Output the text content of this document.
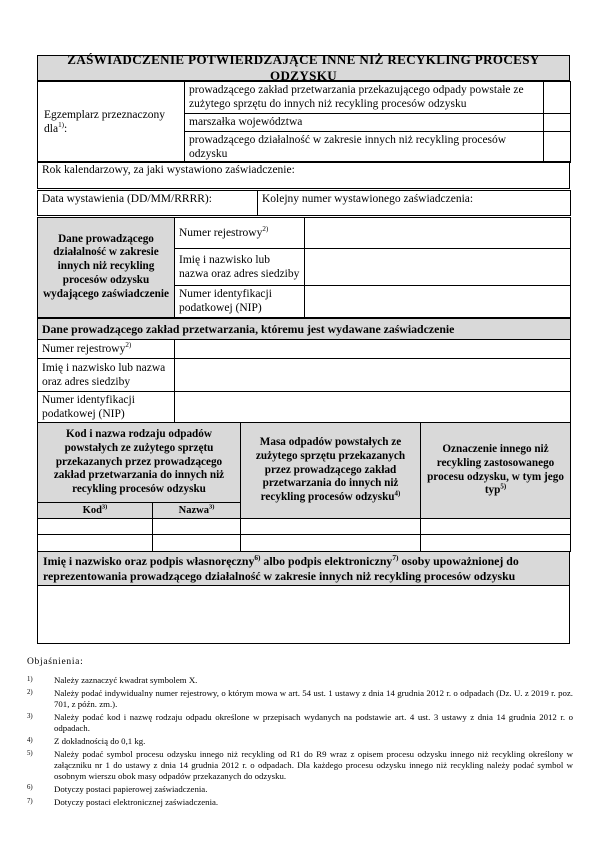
ZAŚWIADCZENIE POTWIERDZAJĄCE INNE NIŻ RECYKLING PROCESY ODZYSKU
Egzemplarz przeznaczony dla$^{1)}$:	prowadzącego zakład przetwarzania przekazującego odpady powstałe ze zużytego sprzętu do innych niż recykling procesów odzysku	
	marszałka województwa	
	prowadzącego działalność w zakresie innych niż recykling procesów odzysku	
Rok kalendarzowy, za jaki wystawiono zaświadczenie:
Data wystawienia (DD/MM/RRRR):	Kolejny numer wystawionego zaświadczenia:
Dane prowadzącego działalność w zakresie innych niż recykling procesów odzysku wydającego zaświadczenie	Numer rejestrowy$^{2)}$	
	Imię i nazwisko lub nazwa oraz adres siedziby	
	Numer identyfikacji podatkowej (NIP)	
Dane prowadzącego zakład przetwarzania, któremu jest wydawane zaświadczenie	
Numer rejestrowy$^{2)}$	
Imię i nazwisko lub nazwa oraz adres siedziby	
Numer identyfikacji podatkowej (NIP)	
Kod i nazwa rodzaju odpadów powstałych ze zużytego sprzętu przekazanych przez prowadzącego zakład przetwarzania do innych niż recykling procesów odzysku		Masa odpadów powstałych ze zużytego sprzętu przekazanych przez prowadzącego zakład przetwarzania do innych niż recykling procesów odzysku$^{4)}$	Oznaczenie innego niż recykling zastosowanego procesu odzysku, w tym jego typ$^{5)}$
Kod$^{3)}$	Nazwa$^{3)}$

Imię i nazwisko oraz podpis własnoręczny$^{6)}$ albo podpis elektroniczny$^{7)}$ osoby upoważnionej do reprezentowania prowadzącego działalność w zakresie innych niż recykling procesów odzysku

Objaśnienia:
1)	Należy zaznaczyć kwadrat symbolem X.
2)	Należy podać indywidualny numer rejestrowy, o którym mowa w art. 54 ust. 1 ustawy z dnia 14 grudnia 2012 r. o odpadach (Dz. U. z 2019 r. poz. 701, z późn. zm.).
3)	Należy podać kod i nazwę rodzaju odpadu określone w przepisach wydanych na podstawie art. 4 ust. 3 ustawy z dnia 14 grudnia 2012 r. o odpadach.
4)	Z dokładnością do 0,1 kg.
5)	Należy podać symbol procesu odzysku innego niż recykling od R1 do R9 wraz z opisem procesu odzysku innego niż recykling określony w załączniku nr 1 do ustawy z dnia 14 grudnia 2012 r. o odpadach. Dla każdego procesu odzysku innego niż recykling należy podać symbol w osobnym wierszu obok masy odpadów przekazanych do odzysku.
6)	Dotyczy postaci papierowej zaświadczenia.
7)	Dotyczy postaci elektronicznej zaświadczenia.
